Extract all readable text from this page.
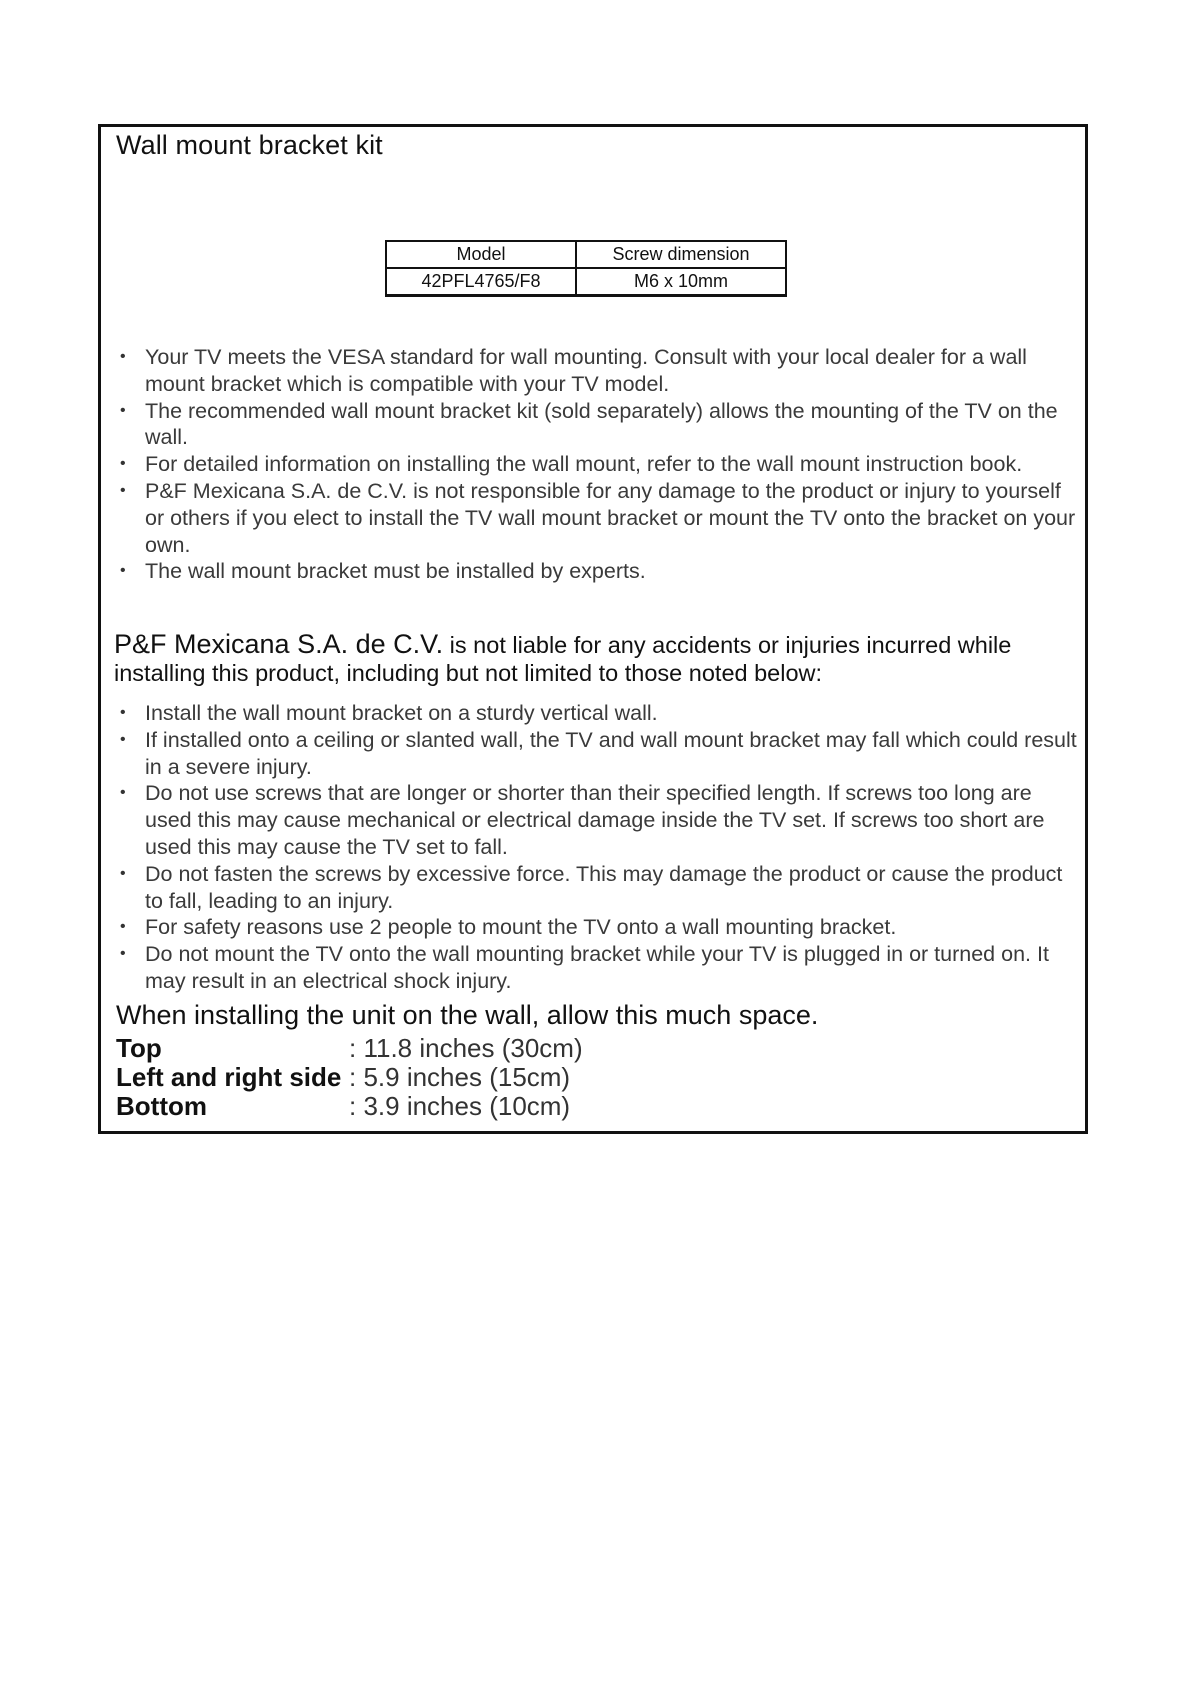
Wall mount bracket kit
Model	Screw dimension
42PFL4765/F8	M6 x 10mm
• Your TV meets the VESA standard for wall mounting. Consult with your local dealer for a wall mount bracket which is compatible with your TV model.
• The recommended wall mount bracket kit (sold separately) allows the mounting of the TV on the wall.
• For detailed information on installing the wall mount, refer to the wall mount instruction book.
• P&F Mexicana S.A. de C.V. is not responsible for any damage to the product or injury to yourself or others if you elect to install the TV wall mount bracket or mount the TV onto the bracket on your own.
• The wall mount bracket must be installed by experts.
P&F Mexicana S.A. de C.V. is not liable for any accidents or injuries incurred while installing this product, including but not limited to those noted below:
• Install the wall mount bracket on a sturdy vertical wall.
• If installed onto a ceiling or slanted wall, the TV and wall mount bracket may fall which could result in a severe injury.
• Do not use screws that are longer or shorter than their specified length. If screws too long are used this may cause mechanical or electrical damage inside the TV set. If screws too short are used this may cause the TV set to fall.
• Do not fasten the screws by excessive force. This may damage the product or cause the product to fall, leading to an injury.
• For safety reasons use 2 people to mount the TV onto a wall mounting bracket.
• Do not mount the TV onto the wall mounting bracket while your TV is plugged in or turned on. It may result in an electrical shock injury.
When installing the unit on the wall, allow this much space.
Top	: 11.8 inches (30cm)
Left and right side : 5.9 inches (15cm)
Bottom	: 3.9 inches (10cm)
